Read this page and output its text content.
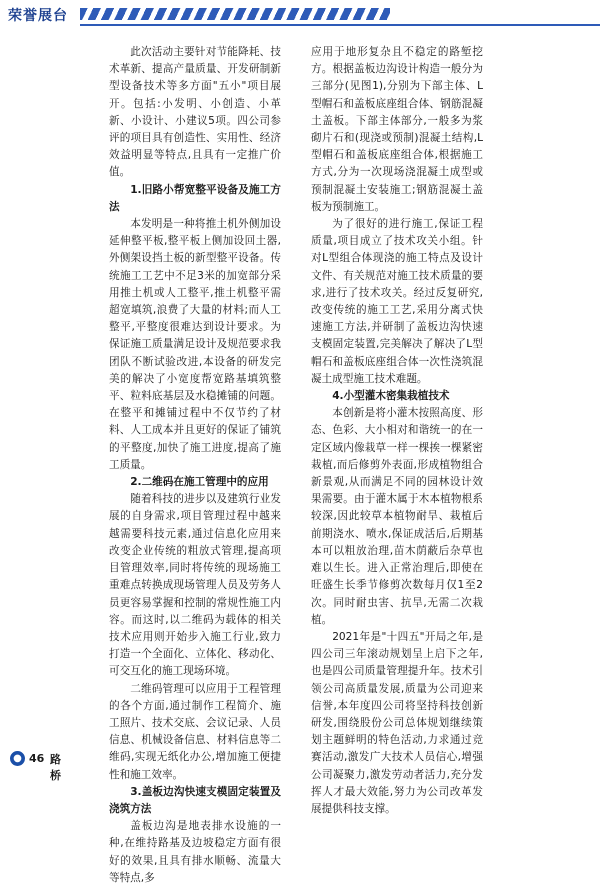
荣誉展台

此次活动主要针对节能降耗、技术革新、提高产量质量、开发研制新型设备技术等多方面"五小"项目展开。包括:小发明、小创造、小革新、小设计、小建议5项。四公司参评的项目具有创造性、实用性、经济效益明显等特点,且具有一定推广价值。

1.旧路小帮宽整平设备及施工方法

本发明是一种将推土机外侧加设延伸整平板,整平板上侧加设回土器,外侧架设挡土板的新型整平设备。传统施工工艺中不足3米的加宽部分采用推土机或人工整平,推土机整平需超宽填筑,浪费了大量的材料;而人工整平,平整度很难达到设计要求。为保证施工质量满足设计及规范要求我团队不断试验改进,本设备的研发完美的解决了小宽度帮宽路基填筑整平、粒料底基层及水稳摊铺的问题。在整平和摊铺过程中不仅节约了材料、人工成本并且更好的保证了铺筑的平整度,加快了施工进度,提高了施工质量。

2.二维码在施工管理中的应用

随着科技的进步以及建筑行业发展的自身需求,项目管理过程中越来越需要科技元素,通过信息化应用来改变企业传统的粗放式管理,提高项目管理效率,同时将传统的现场施工重难点转换成现场管理人员及劳务人员更容易掌握和控制的常规性施工内容。而这时,以二维码为载体的相关技术应用则开始步入施工行业,致力打造一个全面化、立体化、移动化、可交互化的施工现场环境。

二维码管理可以应用于工程管理的各个方面,通过制作工程简介、施工照片、技术交底、会议记录、人员信息、机械设备信息、材料信息等二维码,实现无纸化办公,增加施工便捷性和施工效率。

3.盖板边沟快速支模固定装置及浇筑方法

盖板边沟是地表排水设施的一种,在维持路基及边坡稳定方面有很好的效果,且具有排水顺畅、流量大等特点,多

应用于地形复杂且不稳定的路堑挖方。根据盖板边沟设计构造一般分为三部分(见图1),分别为下部主体、L型帽石和盖板底座组合体、钢筋混凝土盖板。下部主体部分,一般多为浆砌片石和(现浇或预制)混凝土结构,L型帽石和盖板底座组合体,根据施工方式,分为一次现场浇混凝土成型或预制混凝土安装施工;钢筋混凝土盖板为预制施工。

为了很好的进行施工,保证工程质量,项目成立了技术攻关小组。针对L型组合体现浇的施工特点及设计文件、有关规范对施工技术质量的要求,进行了技术攻关。经过反复研究,改变传统的施工工艺,采用分离式快速施工方法,并研制了盖板边沟快速支模固定装置,完美解决了解决了L型帽石和盖板底座组合体一次性浇筑混凝土成型施工技术难题。

4.小型灌木密集栽植技术

本创新是将小灌木按照高度、形态、色彩、大小相对和谐统一的在一定区域内像栽草一样一棵挨一棵紧密栽植,而后修剪外表面,形成植物组合新景观,从而满足不同的园林设计效果需要。由于灌木属于木本植物根系较深,因此较草本植物耐旱、栽植后前期浇水、喷水,保证成活后,后期基本可以粗放治理,苗木荫蔽后杂草也难以生长。进入正常治理后,即使在旺盛生长季节修剪次数每月仅1至2次。同时耐虫害、抗旱,无需二次栽植。

2021年是"十四五"开局之年,是四公司三年滚动规划呈上启下之年,也是四公司质量管理提升年。技术引领公司高质量发展,质量为公司迎来信誉,本年度四公司将坚持科技创新研发,围绕股份公司总体规划继续策划主题鲜明的特色活动,力求通过竞赛活动,激发广大技术人员信心,增强公司凝聚力,激发劳动者活力,充分发挥人才最大效能,努力为公司改革发展提供科技支撑。

● 46 路桥
